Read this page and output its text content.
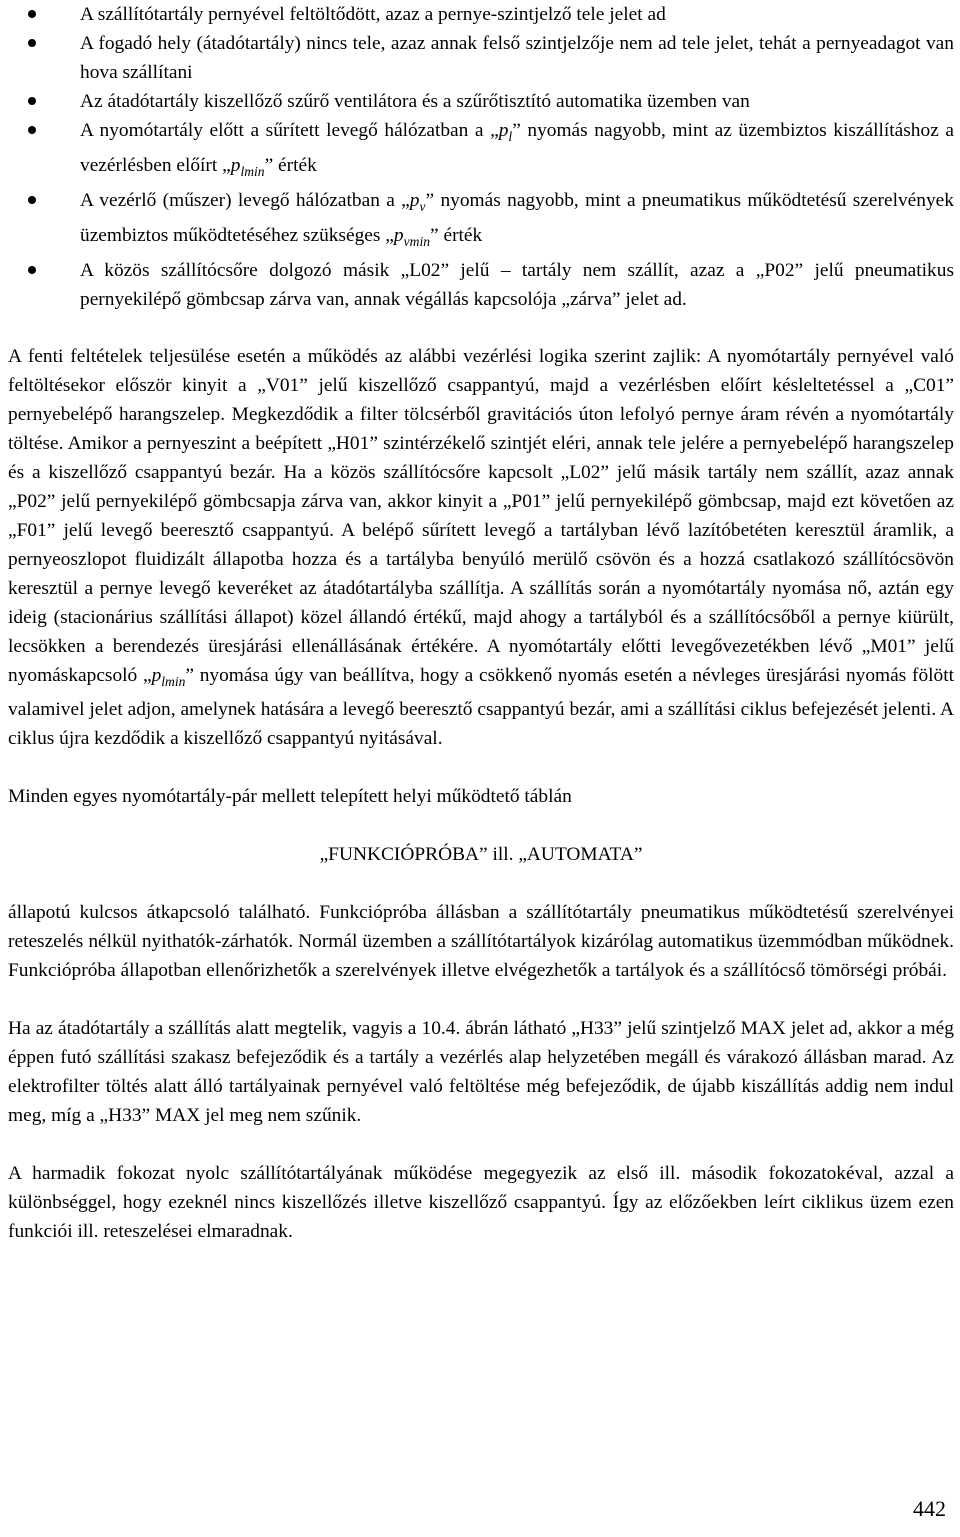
A szállítótartály pernyével feltöltődött, azaz a pernye-szintjelző tele jelet ad
A fogadó hely (átadótartály) nincs tele, azaz annak felső szintjelzője nem ad tele jelet, tehát a pernyeadagot van hova szállítani
Az átadótartály kiszellőző szűrő ventilátora és a szűrőtisztító automatika üzemben van
A nyomótartály előtt a sűrített levegő hálózatban a $„p_l$” nyomás nagyobb, mint az üzembiztos kiszállításhoz a vezérlésben előírt $„p_{lmin}$” érték
A vezérlő (műszer) levegő hálózatban a $„p_v$” nyomás nagyobb, mint a pneumatikus működtetésű szerelvények üzembiztos működtetéséhez szükséges $„p_{vmin}$” érték
A közös szállítócsőre dolgozó másik „L02” jelű – tartály nem szállít, azaz a „P02” jelű pneumatikus pernyekilépő gömbcsap zárva van, annak végállás kapcsolója „zárva” jelet ad.

A fenti feltételek teljesülése esetén a működés az alábbi vezérlési logika szerint zajlik: A nyomótartály pernyével való feltöltésekor először kinyit a „V01” jelű kiszellőző csappantyú, majd a vezérlésben előírt késleltetéssel a „C01” pernyebelépő harangszelep. Megkezdődik a filter tölcsérből gravitációs úton lefolyó pernye áram révén a nyomótartály töltése. Amikor a pernyeszint a beépített „H01” szintérzékelő szintjét eléri, annak tele jelére a pernyebelépő harangszelep és a kiszellőző csappantyú bezár. Ha a közös szállítócsőre kapcsolt „L02” jelű másik tartály nem szállít, azaz annak „P02” jelű pernyekilépő gömbcsapja zárva van, akkor kinyit a „P01” jelű pernyekilépő gömbcsap, majd ezt követően az „F01” jelű levegő beeresztő csappantyú. A belépő sűrített levegő a tartályban lévő lazítóbetéten keresztül áramlik, a pernyeoszlopot fluidizált állapotba hozza és a tartályba benyúló merülő csövön és a hozzá csatlakozó szállítócsövön keresztül a pernye levegő keveréket az átadótartályba szállítja. A szállítás során a nyomótartály nyomása nő, aztán egy ideig (stacionárius szállítási állapot) közel állandó értékű, majd ahogy a tartályból és a szállítócsőből a pernye kiürült, lecsökken a berendezés üresjárási ellenállásának értékére. A nyomótartály előtti levegővezetékben lévő „M01” jelű nyomáskapcsoló $„p_{lmin}$” nyomása úgy van beállítva, hogy a csökkenő nyomás esetén a névleges üresjárási nyomás fölött valamivel jelet adjon, amelynek hatására a levegő beeresztő csappantyú bezár, ami a szállítási ciklus befejezését jelenti. A ciklus újra kezdődik a kiszellőző csappantyú nyitásával.

Minden egyes nyomótartály-pár mellett telepített helyi működtető táblán

„FUNKCIÓPRÓBA” ill. „AUTOMATA”

állapotú kulcsos átkapcsoló található. Funkciópróba állásban a szállítótartály pneumatikus működtetésű szerelvényei reteszelés nélkül nyithatók-zárhatók. Normál üzemben a szállítótartályok kizárólag automatikus üzemmódban működnek. Funkciópróba állapotban ellenőrizhetők a szerelvények illetve elvégezhetők a tartályok és a szállítócső tömörségi próbái.

Ha az átadótartály a szállítás alatt megtelik, vagyis a 10.4. ábrán látható „H33” jelű szintjelző MAX jelet ad, akkor a még éppen futó szállítási szakasz befejeződik és a tartály a vezérlés alap helyzetében megáll és várakozó állásban marad. Az elektrofilter töltés alatt álló tartályainak pernyével való feltöltése még befejeződik, de újabb kiszállítás addig nem indul meg, míg a „H33” MAX jel meg nem szűnik.

A harmadik fokozat nyolc szállítótartályának működése megegyezik az első ill. második fokozatokéval, azzal a különbséggel, hogy ezeknél nincs kiszellőzés illetve kiszellőző csappantyú. Így az előzőekben leírt ciklikus üzem ezen funkciói ill. reteszelései elmaradnak.

442
